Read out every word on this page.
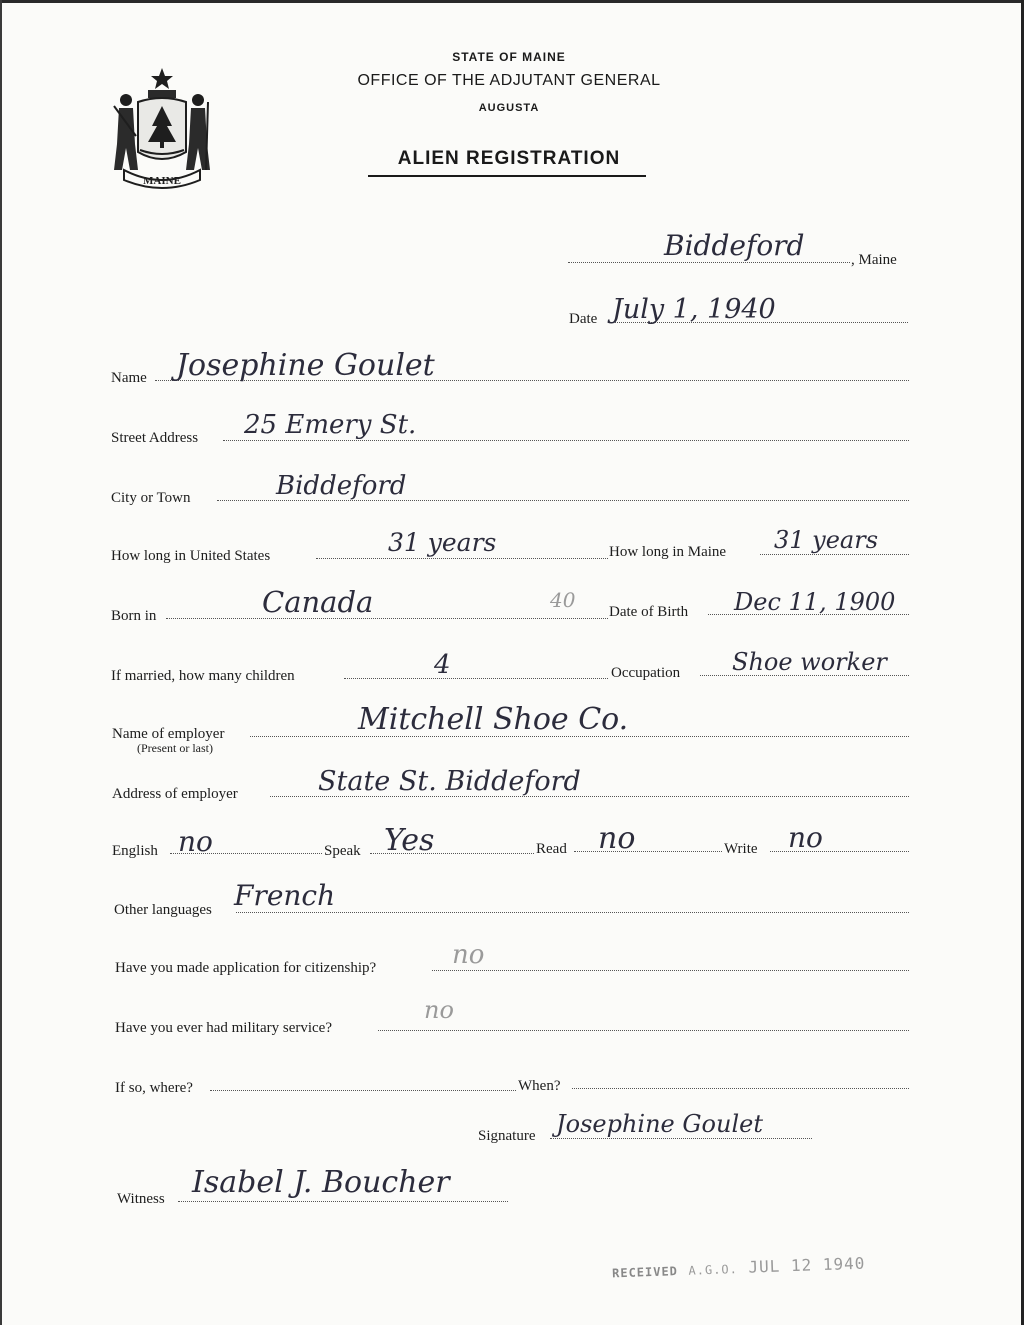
MAINE
STATE OF MAINE
OFFICE OF THE ADJUTANT GENERAL
AUGUSTA
ALIEN REGISTRATION
Biddeford	, Maine
Date July 1, 1940
Name Josephine Goulet
Street Address 25 Emery St.
City or Town	Biddeford
How long in United States	31 years	How long in Maine 31 years
Born in	Canada	40 Date of Birth Dec 11, 1900
If married, how many children	4	Occupation Shoe worker
Name of employer
(Present or last)
Mitchell Shoe Co.
Address of employer	State St. Biddeford
English no	Speak Yes	Read no	Write no
Other languages French
Have you made application for citizenship?	no
Have you ever had military service?
no
If so, where?	When?
Signature Josephine Goulet
Witness Isabel J. Boucher
RECEIVED A.G.O. JUL 12 1940
